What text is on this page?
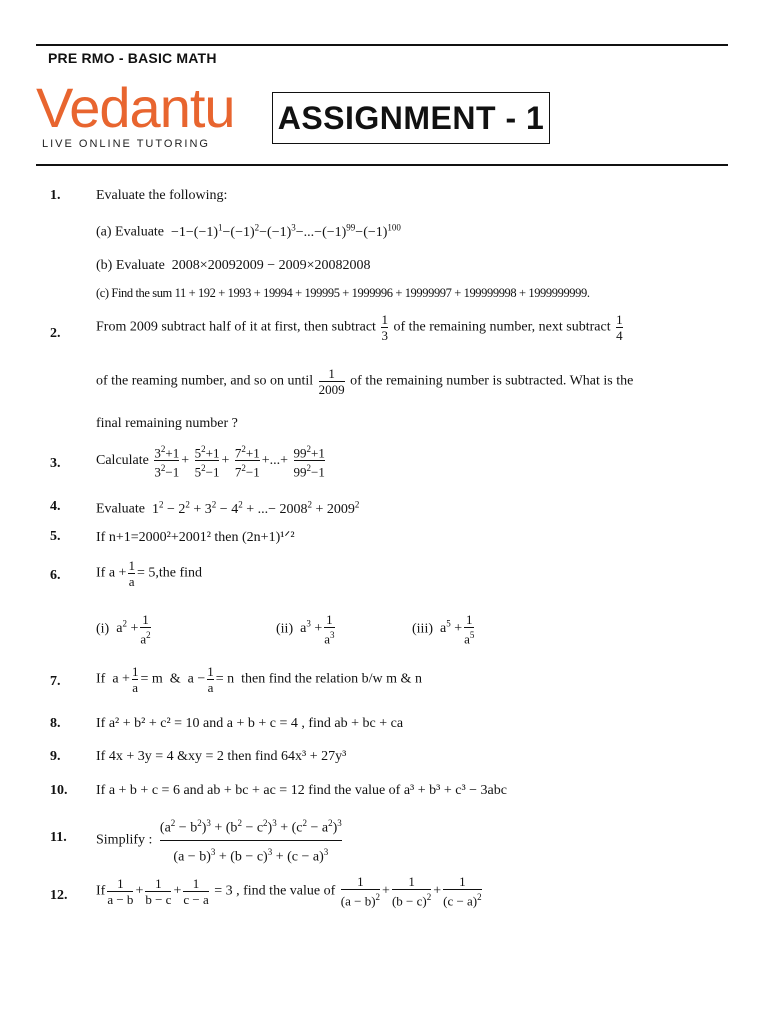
PRE RMO - BASIC MATH
Vedantu
LIVE ONLINE TUTORING
ASSIGNMENT - 1
1.	Evaluate the following:
(a) Evaluate  $-1-(-1)^1-(-1)^2-(-1)^3-...-(-1)^{99}-(-1)^{100}$
(b) Evaluate 2008×20092009 − 2009×20082008
(c) Find the sum 11 + 192 + 1993 + 19994 + 199995 + 1999996 + 19999997 + 199999998 + 1999999999.
2.	From 2009 subtract half of it at first, then subtract $\frac{1}{3}$ of the remaining number, next subtract $\frac{1}{4}$
of the reaming number, and so on until $\frac{1}{2009}$ of the remaining number is subtracted. What is the
final remaining number ?
3.	Calculate $\frac{3^2+1}{3^2-1} + \frac{5^2+1}{5^2-1} + \frac{7^2+1}{7^2-1}$ +...+ $\frac{99^2+1}{99^2-1}$
4.	Evaluate  $1^2 - 2^2 + 3^2 - 4^2$ + ...− $2008^2 + 2009^2$
5.	If n+1=2000²+2001² then (2n+1)¹ᐟ²
6.	If $a + \frac{1}{a} = 5,the$ find
(i)  $a^2 + \frac{1}{a^2}$	(ii)  $a^3 + \frac{1}{a^3}$	(iii)  $a^5 + \frac{1}{a^5}$
7.	If  $a + \frac{1}{a} = m$  &  $a - \frac{1}{a} = n$  then find the relation b/w m & n
8.	If a² + b² + c² = 10 and a + b + c = 4 , find ab + bc + ca
9.	If 4x + 3y = 4 &xy = 2 then find 64x³ + 27y³
10. If a + b + c = 6 and ab + bc + ac = 12 find the value of a³ + b³ + c³ − 3abc
11. Simplify : $\frac{(a^2 - b^2)^3 + (b^2 - c^2)^3 + (c^2 - a^2)^3}{(a - b)^3 + (b - c)^3 + (c - a)^3}$
12. If $\frac{1}{a - b} + \frac{1}{b - c} + \frac{1}{c - a} = 3$ , find the value of $\frac{1}{(a - b)^2} + \frac{1}{(b - c)^2} + \frac{1}{(c - a)^2}$
